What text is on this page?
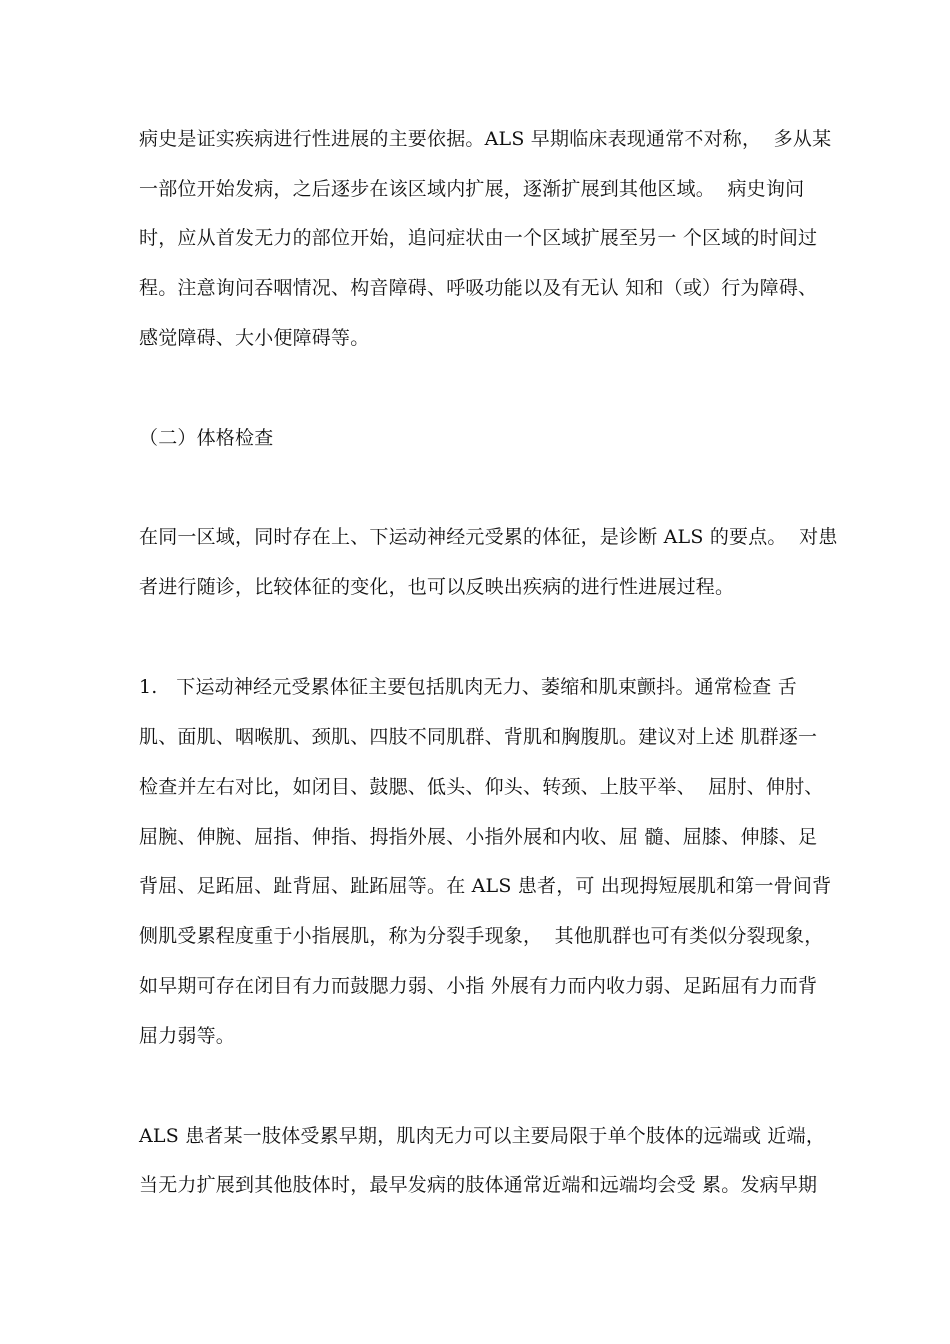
病史是证实疾病进行性进展的主要依据。ALS 早期临床表现通常不对称，  多从某
一部位开始发病，之后逐步在该区域内扩展，逐渐扩展到其他区域。  病史询问
时，应从首发无力的部位开始，追问症状由一个区域扩展至另一 个区域的时间过
程。注意询问吞咽情况、构音障碍、呼吸功能以及有无认 知和（或）行为障碍、
感觉障碍、大小便障碍等。
（二）体格检查
在同一区域，同时存在上、下运动神经元受累的体征，是诊断 ALS 的要点。  对患
者进行随诊，比较体征的变化，也可以反映出疾病的进行性进展过程。
1.   下运动神经元受累体征主要包括肌肉无力、萎缩和肌束颤抖。通常检查 舌
肌、面肌、咽喉肌、颈肌、四肢不同肌群、背肌和胸腹肌。建议对上述 肌群逐一
检查并左右对比，如闭目、鼓腮、低头、仰头、转颈、上肢平举、  屈肘、伸肘、
屈腕、伸腕、屈指、伸指、拇指外展、小指外展和内收、屈 髓、屈膝、伸膝、足
背屈、足跖屈、趾背屈、趾跖屈等。在 ALS 患者，可 出现拇短展肌和第一骨间背
侧肌受累程度重于小指展肌，称为分裂手现象，  其他肌群也可有类似分裂现象，
如早期可存在闭目有力而鼓腮力弱、小指 外展有力而内收力弱、足跖屈有力而背
屈力弱等。
ALS 患者某一肢体受累早期，肌肉无力可以主要局限于单个肢体的远端或 近端，
当无力扩展到其他肢体时，最早发病的肢体通常近端和远端均会受 累。发病早期
